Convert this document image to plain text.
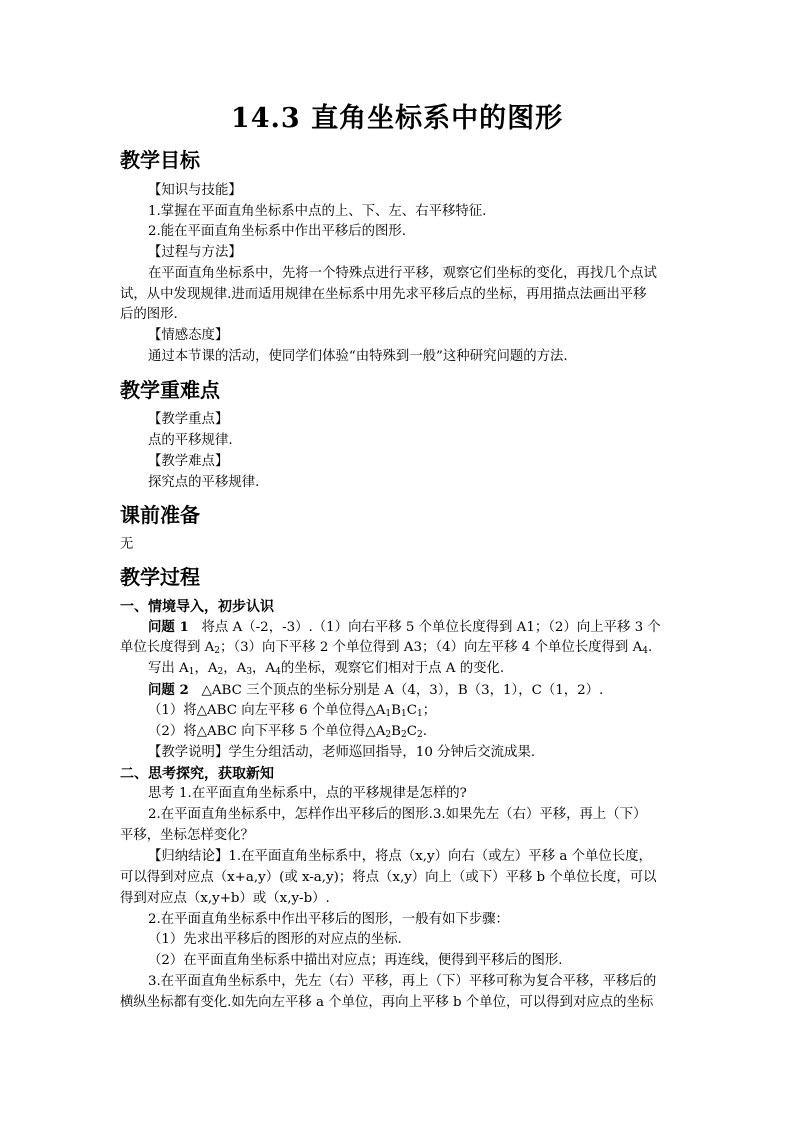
14.3 直角坐标系中的图形
教学目标
【知识与技能】
1.掌握在平面直角坐标系中点的上、下、左、右平移特征.
2.能在平面直角坐标系中作出平移后的图形.
【过程与方法】
在平面直角坐标系中，先将一个特殊点进行平移，观察它们坐标的变化，再找几个点试
试，从中发现规律.进而适用规律在坐标系中用先求平移后点的坐标，再用描点法画出平移
后的图形.
【情感态度】
通过本节课的活动，使同学们体验“由特殊到一般”这种研究问题的方法.
教学重难点
【教学重点】
点的平移规律.
【教学难点】
探究点的平移规律.
课前准备
无
教学过程
一、情境导入，初步认识
问题 1 将点 A（-2，-3）.（1）向右平移 5 个单位长度得到 A1；（2）向上平移 3 个
单位长度得到 $A_2$；（3）向下平移 2 个单位得到 A3；（4）向左平移 4 个单位长度得到 $A_4$.
写出 $A_1$，$A_2$，$A_3$，$A_4$的坐标，观察它们相对于点 A 的变化.
问题 2 △ABC 三个顶点的坐标分别是 A（4，3），B（3，1），C（1，2）.
（1）将△ABC 向左平移 6 个单位得$\triangle A_1B_1C_1$；
（2）将△ABC 向下平移 5 个单位得$\triangle A_2B_2C_2$.
【教学说明】学生分组活动，老师巡回指导，10 分钟后交流成果.
二、思考探究，获取新知
思考 1.在平面直角坐标系中，点的平移规律是怎样的?
2.在平面直角坐标系中，怎样作出平移后的图形.3.如果先左（右）平移，再上（下）
平移，坐标怎样变化？
【归纳结论】1.在平面直角坐标系中，将点（x,y）向右（或左）平移 a 个单位长度，
可以得到对应点（x+a,y）(或 x-a,y)；将点（x,y）向上（或下）平移 b 个单位长度，可以
得到对应点（x,y+b）或（x,y-b）.
2.在平面直角坐标系中作出平移后的图形，一般有如下步骤：
（1）先求出平移后的图形的对应点的坐标.
（2）在平面直角坐标系中描出对应点；再连线，便得到平移后的图形.
3.在平面直角坐标系中，先左（右）平移，再上（下）平移可称为复合平移，平移后的
横纵坐标都有变化.如先向左平移 a 个单位，再向上平移 b 个单位，可以得到对应点的坐标
